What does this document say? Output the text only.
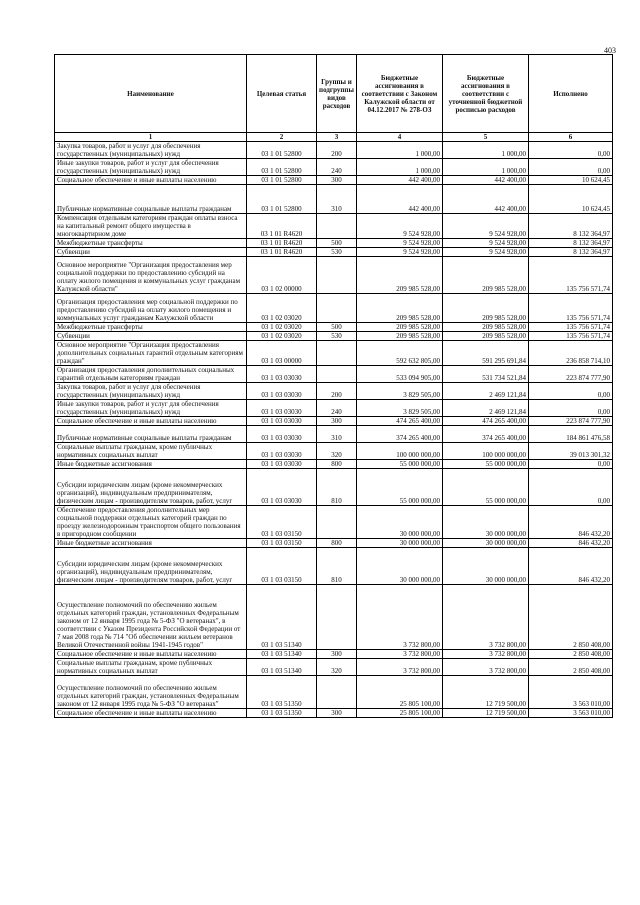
403
Наименование	Целевая статья	Группы и подгруппы видов расходов	Бюджетные ассигнования в соответствии с Законом Калужской области от 04.12.2017 № 278-ОЗ	Бюджетные ассигнования в соответствии с уточненной бюджетной росписью расходов	Исполнено
1	2	3	4	5	6
Закупка товаров, работ и услуг для обеспечения государственных (муниципальных) нужд	03 1 01 52800	200	1 000,00	1 000,00	0,00
Иные закупки товаров, работ и услуг для обеспечения государственных (муниципальных) нужд	03 1 01 52800	240	1 000,00	1 000,00	0,00
Социальное обеспечение и иные выплаты населению	03 1 01 52800	300	442 400,00	442 400,00	10 624,45
Публичные нормативные социальные выплаты гражданам	03 1 01 52800	310	442 400,00	442 400,00	10 624,45
Компенсация отдельным категориям граждан оплаты взноса на капитальный ремонт общего имущества в многоквартирном доме	03 1 01 R4620		9 524 928,00	9 524 928,00	8 132 364,97
Межбюджетные трансферты	03 1 01 R4620	500	9 524 928,00	9 524 928,00	8 132 364,97
Субвенции	03 1 01 R4620	530	9 524 928,00	9 524 928,00	8 132 364,97
Основное мероприятие "Организация предоставления мер социальной поддержки по предоставлению субсидий на оплату жилого помещения и коммунальных услуг гражданам Калужской области"	03 1 02 00000		209 985 528,00	209 985 528,00	135 756 571,74
Организация предоставления мер социальной поддержки по предоставлению субсидий на оплату жилого помещения и коммунальных услуг гражданам Калужской области	03 1 02 03020		209 985 528,00	209 985 528,00	135 756 571,74
Межбюджетные трансферты	03 1 02 03020	500	209 985 528,00	209 985 528,00	135 756 571,74
Субвенции	03 1 02 03020	530	209 985 528,00	209 985 528,00	135 756 571,74
Основное мероприятие "Организация предоставления дополнительных социальных гарантий отдельным категориям граждан"	03 1 03 00000		592 632 805,00	591 295 691,84	236 858 714,10
Организация предоставления дополнительных социальных гарантий отдельным категориям граждан	03 1 03 03030		533 094 905,00	531 734 521,84	223 874 777,90
Закупка товаров, работ и услуг для обеспечения государственных (муниципальных) нужд	03 1 03 03030	200	3 829 505,00	2 469 121,84	0,00
Иные закупки товаров, работ и услуг для обеспечения государственных (муниципальных) нужд	03 1 03 03030	240	3 829 505,00	2 469 121,84	0,00
Социальное обеспечение и иные выплаты населению	03 1 03 03030	300	474 265 400,00	474 265 400,00	223 874 777,90
Публичные нормативные социальные выплаты гражданам	03 1 03 03030	310	374 265 400,00	374 265 400,00	184 861 476,58
Социальные выплаты гражданам, кроме публичных нормативных социальных выплат	03 1 03 03030	320	100 000 000,00	100 000 000,00	39 013 301,32
Иные бюджетные ассигнования	03 1 03 03030	800	55 000 000,00	55 000 000,00	0,00
Субсидии юридическим лицам (кроме некоммерческих организаций), индивидуальным предпринимателям, физическим лицам - производителям товаров, работ, услуг	03 1 03 03030	810	55 000 000,00	55 000 000,00	0,00
Обеспечение предоставления дополнительных мер социальной поддержки отдельных категорий граждан по проезду железнодорожным транспортом общего пользования в пригородном сообщении	03 1 03 03150		30 000 000,00	30 000 000,00	846 432,20
Иные бюджетные ассигнования	03 1 03 03150	800	30 000 000,00	30 000 000,00	846 432,20
Субсидии юридическим лицам (кроме некоммерческих организаций), индивидуальным предпринимателям, физическим лицам - производителям товаров, работ, услуг	03 1 03 03150	810	30 000 000,00	30 000 000,00	846 432,20
Осуществление полномочий по обеспечению жильем отдельных категорий граждан, установленных Федеральным законом от 12 января 1995 года № 5-ФЗ "О ветеранах", в соответствии с Указом Президента Российской Федерации от 7 мая 2008 года № 714 "Об обеспечении жильем ветеранов Великой Отечественной войны 1941-1945 годов"	03 1 03 51340		3 732 800,00	3 732 800,00	2 850 408,00
Социальное обеспечение и иные выплаты населению	03 1 03 51340	300	3 732 800,00	3 732 800,00	2 850 408,00
Социальные выплаты гражданам, кроме публичных нормативных социальных выплат	03 1 03 51340	320	3 732 800,00	3 732 800,00	2 850 408,00
Осуществление полномочий по обеспечению жильем отдельных категорий граждан, установленных Федеральным законом от 12 января 1995 года № 5-ФЗ "О ветеранах"	03 1 03 51350		25 805 100,00	12 719 500,00	3 563 010,00
Социальное обеспечение и иные выплаты населению	03 1 03 51350	300	25 805 100,00	12 719 500,00	3 563 010,00
